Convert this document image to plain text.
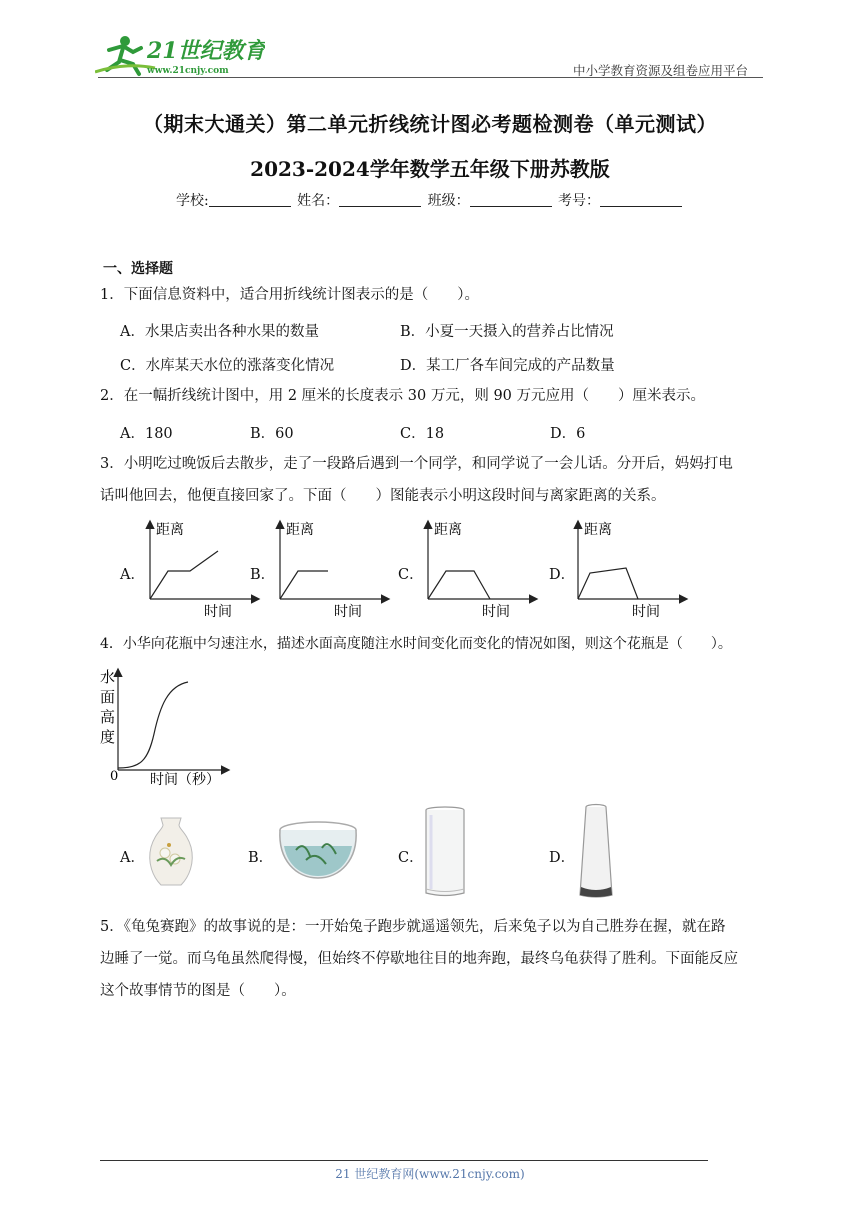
21世纪教育
www.21cnjy.com	中小学教育资源及组卷应用平台
（期末大通关）第二单元折线统计图必考题检测卷（单元测试）
2023-2024学年数学五年级下册苏教版
学校:	姓名：	班级：	考号：
一、选择题
1．下面信息资料中，适合用折线统计图表示的是（　　）。
A．水果店卖出各种水果的数量	B．小夏一天摄入的营养占比情况
C．水库某天水位的涨落变化情况	D．某工厂各车间完成的产品数量
2．在一幅折线统计图中，用 2 厘米的长度表示 30 万元，则 90 万元应用（　　）厘米表示。
A．180	B．60	C．18	D．6
3．小明吃过晚饭后去散步，走了一段路后遇到一个同学，和同学说了一会儿话。分开后，妈妈打电
话叫他回去，他便直接回家了。下面（　　）图能表示小明这段时间与离家距离的关系。
A．
距离
时间
B．
距离
时间
C．
距离
时间
D．
距离
时间
4．小华向花瓶中匀速注水，描述水面高度随注水时间变化而变化的情况如图，则这个花瓶是（　　）。
水
面
高
度
0 时间（秒）
A．	B．	C．	D．
5．《龟兔赛跑》的故事说的是：一开始兔子跑步就遥遥领先，后来兔子以为自己胜券在握，就在路
边睡了一觉。而乌龟虽然爬得慢，但始终不停歇地往目的地奔跑，最终乌龟获得了胜利。下面能反应
这个故事情节的图是（　　）。
21 世纪教育网(www.21cnjy.com)
